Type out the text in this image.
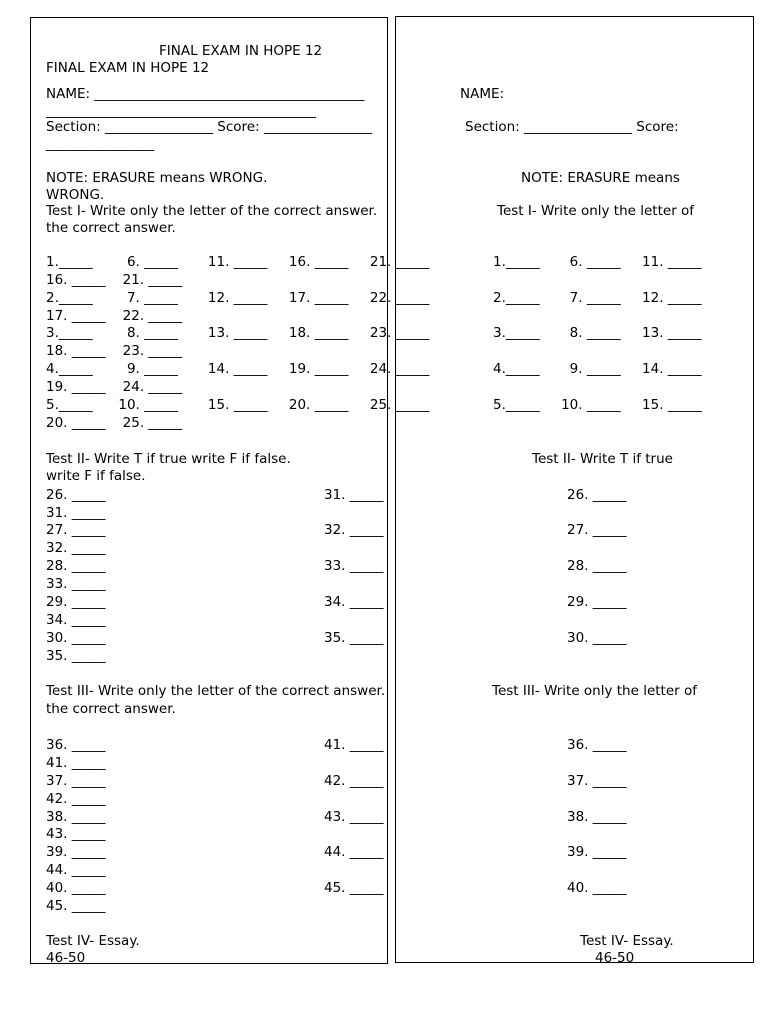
FINAL EXAM IN HOPE 12
FINAL EXAM IN HOPE 12
NAME: ________________________________________
________________________________________
Section: ________________ Score: ________________
________________
NOTE: ERASURE means WRONG.
WRONG.
Test I- Write only the letter of the correct answer.
the correct answer.
1._____        6. _____       11. _____     16. _____     21. _____
16. _____    21. _____
2._____        7. _____       12. _____     17. _____     22. _____
17. _____    22. _____
3._____        8. _____       13. _____     18. _____     23. _____
18. _____    23. _____
4._____        9. _____       14. _____     19. _____     24. _____
19. _____    24. _____
5._____      10. _____       15. _____     20. _____     25. _____
20. _____    25. _____
Test II- Write T if true write F if false.
write F if false.
26. _____
31. _____
27. _____
32. _____
28. _____
33. _____
29. _____
34. _____
30. _____
35. _____
31. _____
32. _____
33. _____
34. _____
35. _____
Test III- Write only the letter of the correct answer.
the correct answer.
36. _____
41. _____
37. _____
42. _____
38. _____
43. _____
39. _____
44. _____
40. _____
45. _____
41. _____
42. _____
43. _____
44. _____
45. _____
Test IV- Essay.
46-50
NAME:
Section: ________________ Score:
NOTE: ERASURE means
Test I- Write only the letter of
1._____       6. _____     11. _____
2._____       7. _____     12. _____
3._____       8. _____     13. _____
4._____       9. _____     14. _____
5._____     10. _____     15. _____
Test II- Write T if true
26. _____
27. _____
28. _____
29. _____
30. _____
Test III- Write only the letter of
36. _____
37. _____
38. _____
39. _____
40. _____
Test IV- Essay.
46-50
